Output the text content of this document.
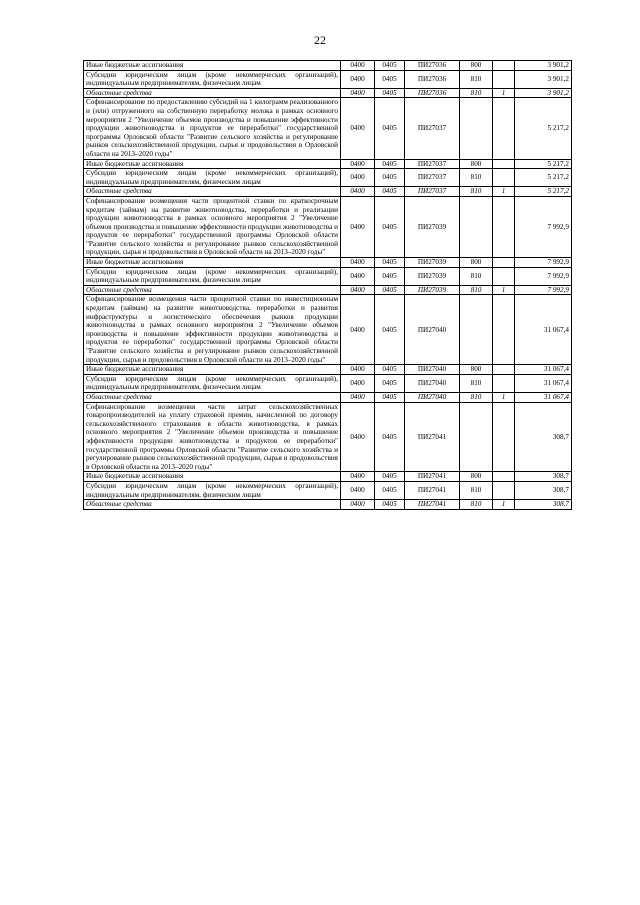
22
Иные бюджетные ассигнования	0400	0405	ПИ27036	800		3 901,2
Субсидии юридическим лицам (кроме некоммерческих организаций), индивидуальным предпринимателям, физическим лицам	0400	0405	ПИ27036	810		3 901,2
Областные средства	0400	0405	ПИ27036	810	1	3 901,2
Софинансирование по предоставлению субсидий на 1 килограмм реализованного и (или) отгруженного на собственную переработку молока в рамках основного мероприятия 2 "Увеличение объемов производства и повышение эффективности продукции животноводства и продуктов ее переработки" государственной программы Орловской области "Развитие сельского хозяйства и регулирование рынков сельскохозяйственной продукции, сырья и продовольствия в Орловской области на 2013–2020 годы"	0400	0405	ПИ27037			5 217,2
Иные бюджетные ассигнования	0400	0405	ПИ27037	800		5 217,2
Субсидии юридическим лицам (кроме некоммерческих организаций), индивидуальным предпринимателям, физическим лицам	0400	0405	ПИ27037	810		5 217,2
Областные средства	0400	0405	ПИ27037	810	1	5 217,2
Софинансирование возмещения части процентной ставки по краткосрочным кредитам (займам) на развитие животноводства, переработки и реализации продукции животноводства в рамках основного мероприятия 2 "Увеличение объемов производства и повышение эффективности продукции животноводства и продуктов ее переработки" государственной программы Орловской области "Развитие сельского хозяйства и регулирование рынков сельскохозяйственной продукции, сырья и продовольствия в Орловской области на 2013–2020 годы"	0400	0405	ПИ27039			7 992,9
Иные бюджетные ассигнования	0400	0405	ПИ27039	800		7 992,9
Субсидии юридическим лицам (кроме некоммерческих организаций), индивидуальным предпринимателям, физическим лицам	0400	0405	ПИ27039	810		7 992,9
Областные средства	0400	0405	ПИ27039	810	1	7 992,9
Софинансирование возмещения части процентной ставки по инвестиционным кредитам (займам) на развитие животноводства, переработки и развития инфраструктуры и логистического обеспечения рынков продукции животноводства в рамках основного мероприятия 2 "Увеличение объемов производства и повышение эффективности продукции животноводства и продуктов ее переработки" государственной программы Орловской области "Развитие сельского хозяйства и регулирование рынков сельскохозяйственной продукции, сырья и продовольствия в Орловской области на 2013–2020 годы"	0400	0405	ПИ27040			31 067,4
Иные бюджетные ассигнования	0400	0405	ПИ27040	800		31 067,4
Субсидии юридическим лицам (кроме некоммерческих организаций), индивидуальным предпринимателям, физическим лицам	0400	0405	ПИ27040	810		31 067,4
Областные средства	0400	0405	ПИ27040	810	1	31 067,4
Софинансирование возмещения части затрат сельскохозяйственных товаропроизводителей на уплату страховой премии, начисленной по договору сельскохозяйственного страхования в области животноводства, в рамках основного мероприятия 2 "Увеличение объемов производства и повышение эффективности продукции животноводства и продуктов ее переработки" государственной программы Орловской области "Развитие сельского хозяйства и регулирование рынков сельскохозяйственной продукции, сырья и продовольствия в Орловской области на 2013–2020 годы"	0400	0405	ПИ27041			308,7
Иные бюджетные ассигнования	0400	0405	ПИ27041	800		308,7
Субсидии юридическим лицам (кроме некоммерческих организаций), индивидуальным предпринимателям, физическим лицам	0400	0405	ПИ27041	810		308,7
Областные средства	0400	0405	ПИ27041	810	1	308,7
